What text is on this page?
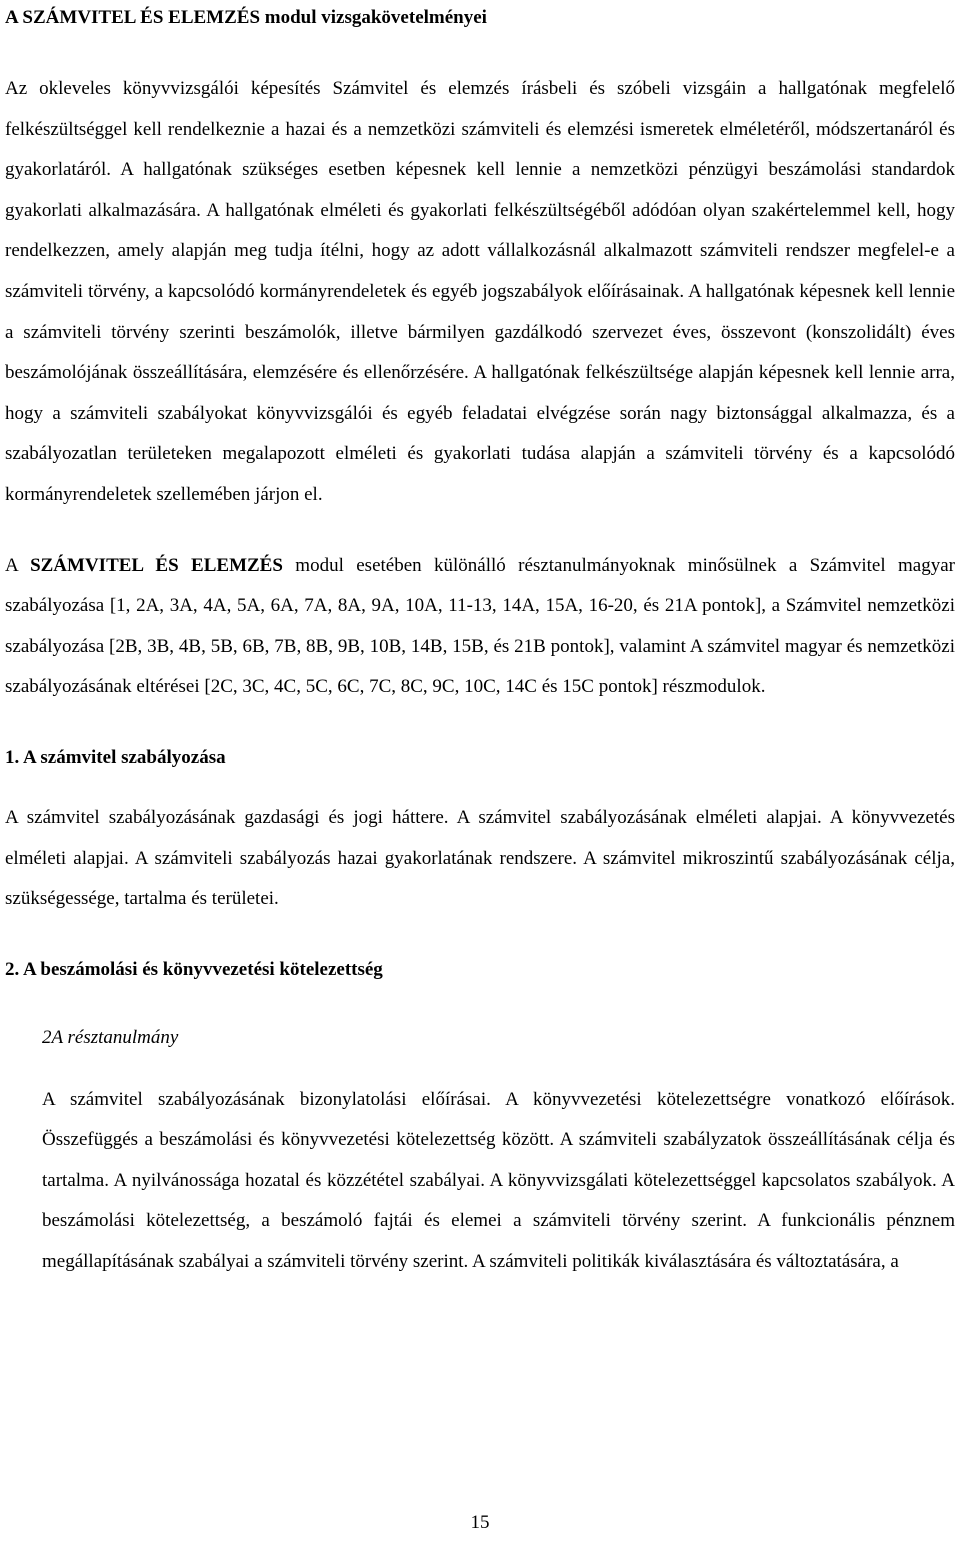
A SZÁMVITEL ÉS ELEMZÉS modul vizsgakövetelményei

Az okleveles könyvvizsgálói képesítés Számvitel és elemzés írásbeli és szóbeli vizsgáin a hallgatónak megfelelő felkészültséggel kell rendelkeznie a hazai és a nemzetközi számviteli és elemzési ismeretek elméletéről, módszertanáról és gyakorlatáról. A hallgatónak szükséges esetben képesnek kell lennie a nemzetközi pénzügyi beszámolási standardok gyakorlati alkalmazására. A hallgatónak elméleti és gyakorlati felkészültségéből adódóan olyan szakértelemmel kell, hogy rendelkezzen, amely alapján meg tudja ítélni, hogy az adott vállalkozásnál alkalmazott számviteli rendszer megfelel-e a számviteli törvény, a kapcsolódó kormányrendeletek és egyéb jogszabályok előírásainak. A hallgatónak képesnek kell lennie a számviteli törvény szerinti beszámolók, illetve bármilyen gazdálkodó szervezet éves, összevont (konszolidált) éves beszámolójának összeállítására, elemzésére és ellenőrzésére. A hallgatónak felkészültsége alapján képesnek kell lennie arra, hogy a számviteli szabályokat könyvvizsgálói és egyéb feladatai elvégzése során nagy biztonsággal alkalmazza, és a szabályozatlan területeken megalapozott elméleti és gyakorlati tudása alapján a számviteli törvény és a kapcsolódó kormányrendeletek szellemében járjon el.

A SZÁMVITEL ÉS ELEMZÉS modul esetében különálló résztanulmányoknak minősülnek a Számvitel magyar szabályozása [1, 2A, 3A, 4A, 5A, 6A, 7A, 8A, 9A, 10A, 11-13, 14A, 15A, 16-20, és 21A pontok], a Számvitel nemzetközi szabályozása [2B, 3B, 4B, 5B, 6B, 7B, 8B, 9B, 10B, 14B, 15B, és 21B pontok], valamint A számvitel magyar és nemzetközi szabályozásának eltérései [2C, 3C, 4C, 5C, 6C, 7C, 8C, 9C, 10C, 14C és 15C pontok] részmodulok.

1. A számvitel szabályozása

A számvitel szabályozásának gazdasági és jogi háttere. A számvitel szabályozásának elméleti alapjai. A könyvvezetés elméleti alapjai. A számviteli szabályozás hazai gyakorlatának rendszere. A számvitel mikroszintű szabályozásának célja, szükségessége, tartalma és területei.

2. A beszámolási és könyvvezetési kötelezettség

2A résztanulmány

A számvitel szabályozásának bizonylatolási előírásai. A könyvvezetési kötelezettségre vonatkozó előírások. Összefüggés a beszámolási és könyvvezetési kötelezettség között. A számviteli szabályzatok összeállításának célja és tartalma. A nyilvánossága hozatal és közzététel szabályai. A könyvvizsgálati kötelezettséggel kapcsolatos szabályok. A beszámolási kötelezettség, a beszámoló fajtái és elemei a számviteli törvény szerint. A funkcionális pénznem megállapításának szabályai a számviteli törvény szerint. A számviteli politikák kiválasztására és változtatására, a

15
